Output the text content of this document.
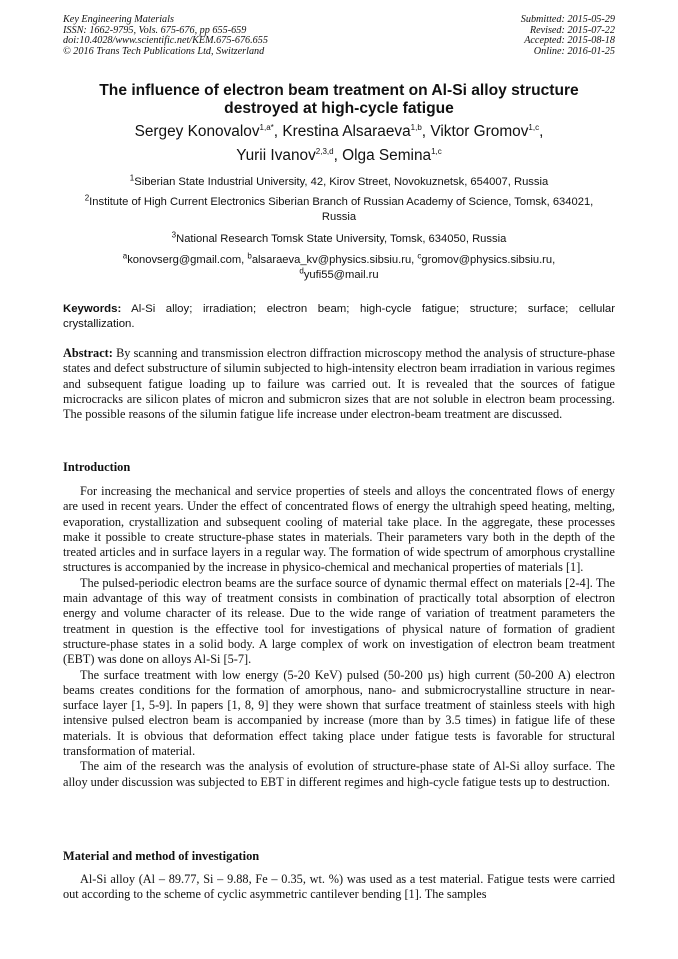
Key Engineering Materials
ISSN: 1662-9795, Vols. 675-676, pp 655-659
doi:10.4028/www.scientific.net/KEM.675-676.655
© 2016 Trans Tech Publications Ltd, Switzerland
Submitted: 2015-05-29
Revised: 2015-07-22
Accepted: 2015-08-18
Online: 2016-01-25
The influence of electron beam treatment on Al-Si alloy structure destroyed at high-cycle fatigue
Sergey Konovalov$^{1,a*}$, Krestina Alsaraeva$^{1,b}$, Viktor Gromov$^{1,c}$,
Yurii Ivanov$^{2,3,d}$, Olga Semina$^{1,c}$
$^1$Siberian State Industrial University, 42, Kirov Street, Novokuznetsk, 654007, Russia
$^2$Institute of High Current Electronics Siberian Branch of Russian Academy of Science, Tomsk, 634021, Russia
$^3$National Research Tomsk State University, Tomsk, 634050, Russia
$^a$konovserg@gmail.com, $^b$alsaraeva_kv@physics.sibsiu.ru, $^c$gromov@physics.sibsiu.ru,
$^d$yufi55@mail.ru
Keywords: Al-Si alloy; irradiation; electron beam; high-cycle fatigue; structure; surface; cellular crystallization.
Abstract: By scanning and transmission electron diffraction microscopy method the analysis of structure-phase states and defect substructure of silumin subjected to high-intensity electron beam irradiation in various regimes and subsequent fatigue loading up to failure was carried out. It is revealed that the sources of fatigue microcracks are silicon plates of micron and submicron sizes that are not soluble in electron beam processing. The possible reasons of the silumin fatigue life increase under electron-beam treatment are discussed.
Introduction

For increasing the mechanical and service properties of steels and alloys the concentrated flows of energy are used in recent years. Under the effect of concentrated flows of energy the ultrahigh speed heating, melting, evaporation, crystallization and subsequent cooling of material take place. In the aggregate, these processes make it possible to create structure-phase states in materials. Their parameters vary both in the depth of the treated articles and in surface layers in a regular way. The formation of wide spectrum of amorphous crystalline structures is accompanied by the increase in physico-chemical and mechanical properties of materials [1].

The pulsed-periodic electron beams are the surface source of dynamic thermal effect on materials [2-4]. The main advantage of this way of treatment consists in combination of practically total absorption of electron energy and volume character of its release. Due to the wide range of variation of treatment parameters the treatment in question is the effective tool for investigations of physical nature of formation of gradient structure-phase states in a solid body. A large complex of work on investigation of electron beam treatment (EBT) was done on alloys Al-Si [5-7].

The surface treatment with low energy (5-20 KeV) pulsed (50-200 µs) high current (50-200 A) electron beams creates conditions for the formation of amorphous, nano- and submicrocrystalline structure in near- surface layer [1, 5-9]. In papers [1, 8, 9] they were shown that surface treatment of stainless steels with high intensive pulsed electron beam is accompanied by increase (more than by 3.5 times) in fatigue life of these materials. It is obvious that deformation effect taking place under fatigue tests is favorable for structural transformation of material.

The aim of the research was the analysis of evolution of structure-phase state of Al-Si alloy surface. The alloy under discussion was subjected to EBT in different regimes and high-cycle fatigue tests up to destruction.

Material and method of investigation

Al-Si alloy (Al – 89.77, Si – 9.88, Fe – 0.35, wt. %) was used as a test material. Fatigue tests were carried out according to the scheme of cyclic asymmetric cantilever bending [1]. The samples
